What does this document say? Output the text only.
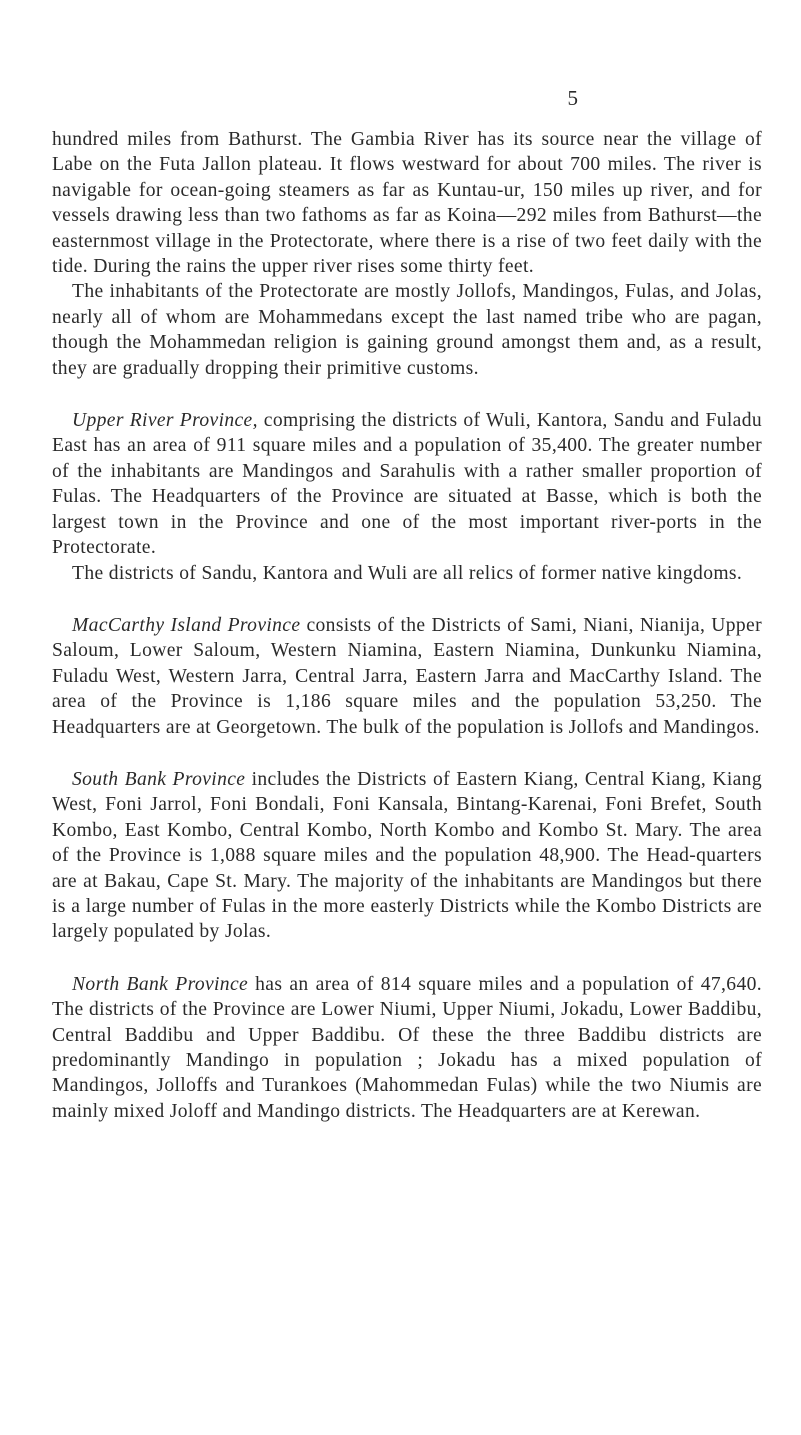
5

hundred miles from Bathurst. The Gambia River has its source near the village of Labe on the Futa Jallon plateau. It flows westward for about 700 miles. The river is navigable for ocean-going steamers as far as Kuntau-ur, 150 miles up river, and for vessels drawing less than two fathoms as far as Koina—292 miles from Bathurst—the easternmost village in the Protectorate, where there is a rise of two feet daily with the tide. During the rains the upper river rises some thirty feet.

The inhabitants of the Protectorate are mostly Jollofs, Mandingos, Fulas, and Jolas, nearly all of whom are Mohammedans except the last named tribe who are pagan, though the Mohammedan religion is gaining ground amongst them and, as a result, they are gradually dropping their primitive customs.

Upper River Province, comprising the districts of Wuli, Kantora, Sandu and Fuladu East has an area of 911 square miles and a population of 35,400. The greater number of the inhabitants are Mandingos and Sarahulis with a rather smaller proportion of Fulas. The Headquarters of the Province are situated at Basse, which is both the largest town in the Province and one of the most important river-ports in the Protectorate.

The districts of Sandu, Kantora and Wuli are all relics of former native kingdoms.

MacCarthy Island Province consists of the Districts of Sami, Niani, Nianija, Upper Saloum, Lower Saloum, Western Niamina, Eastern Niamina, Dunkunku Niamina, Fuladu West, Western Jarra, Central Jarra, Eastern Jarra and MacCarthy Island. The area of the Province is 1,186 square miles and the population 53,250. The Headquarters are at Georgetown. The bulk of the population is Jollofs and Mandingos.

South Bank Province includes the Districts of Eastern Kiang, Central Kiang, Kiang West, Foni Jarrol, Foni Bondali, Foni Kansala, Bintang-Karenai, Foni Brefet, South Kombo, East Kombo, Central Kombo, North Kombo and Kombo St. Mary. The area of the Province is 1,088 square miles and the population 48,900. The Head-quarters are at Bakau, Cape St. Mary. The majority of the inhabitants are Mandingos but there is a large number of Fulas in the more easterly Districts while the Kombo Districts are largely populated by Jolas.

North Bank Province has an area of 814 square miles and a population of 47,640. The districts of the Province are Lower Niumi, Upper Niumi, Jokadu, Lower Baddibu, Central Baddibu and Upper Baddibu. Of these the three Baddibu districts are predominantly Mandingo in population ; Jokadu has a mixed population of Mandingos, Jolloffs and Turankoes (Mahommedan Fulas) while the two Niumis are mainly mixed Joloff and Mandingo districts. The Headquarters are at Kerewan.
